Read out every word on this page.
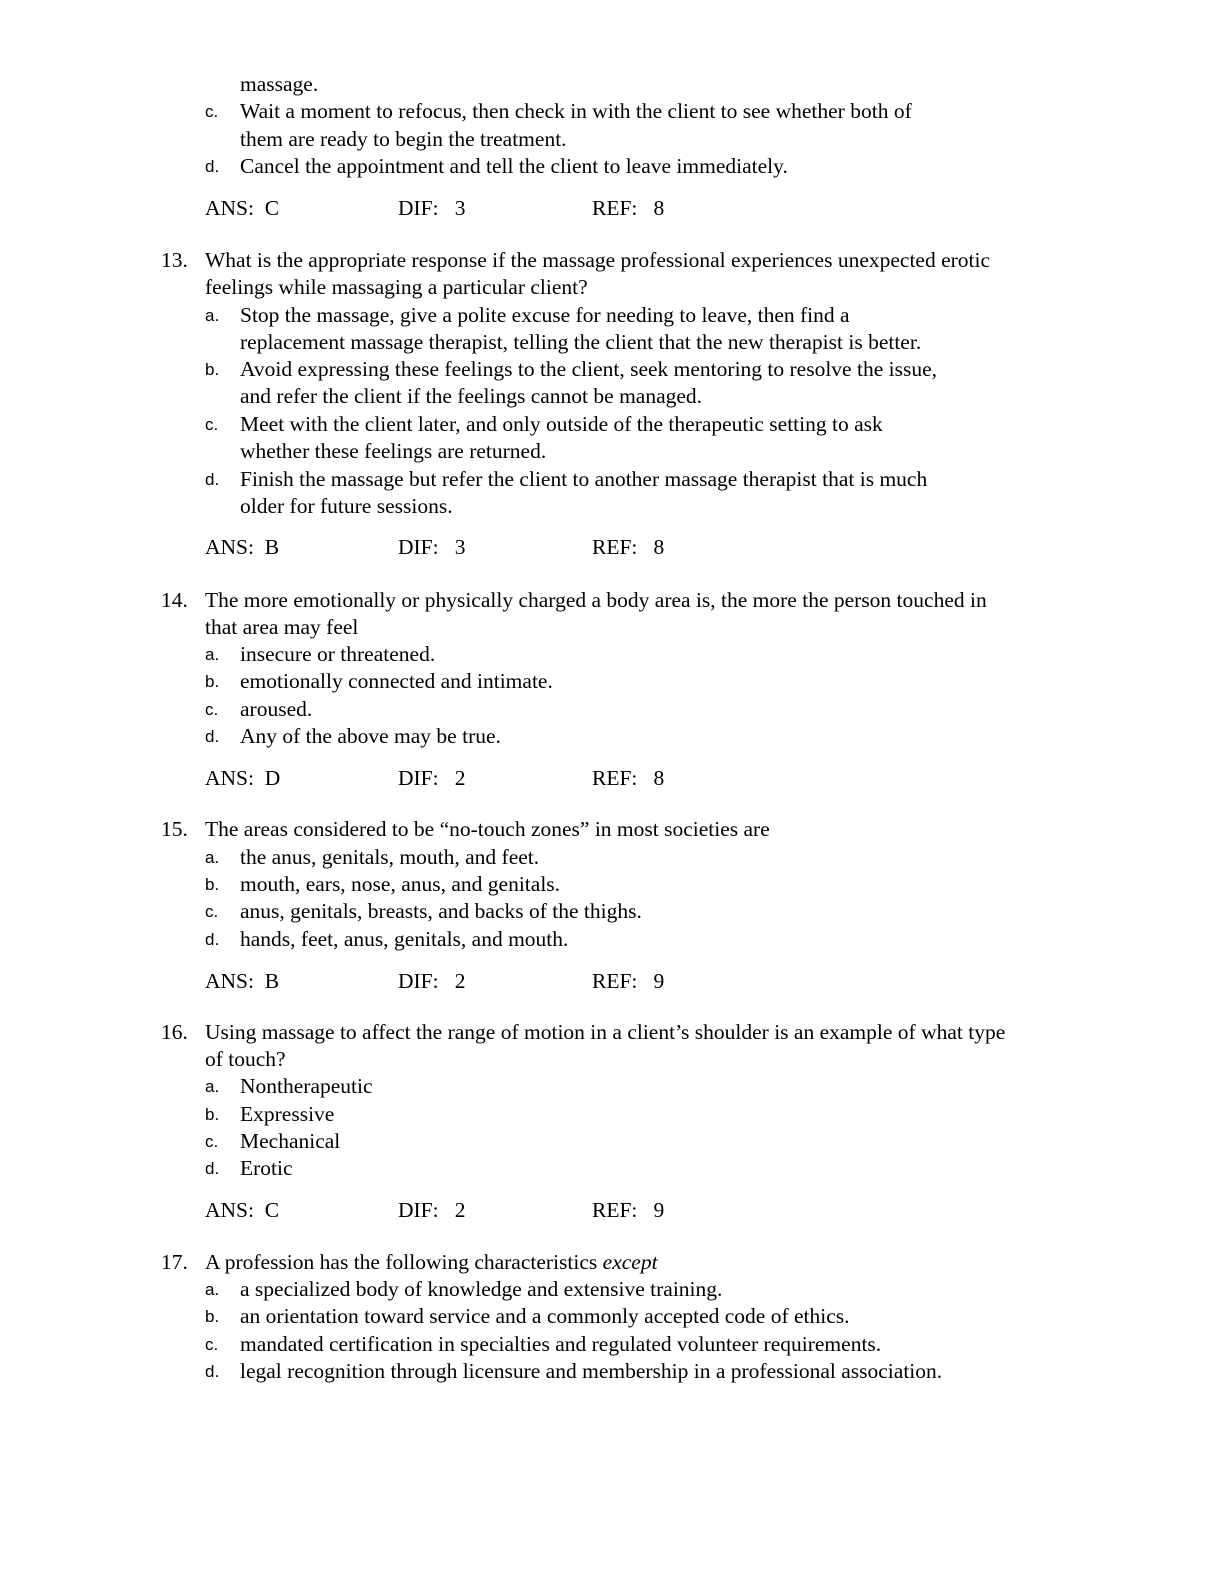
massage.
c.	Wait a moment to refocus, then check in with the client to see whether both of
them are ready to begin the treatment.
d. Cancel the appointment and tell the client to leave immediately.
ANS: C	DIF: 3	REF: 8
13. What is the appropriate response if the massage professional experiences unexpected erotic
feelings while massaging a particular client?
a. Stop the massage, give a polite excuse for needing to leave, then find a
replacement massage therapist, telling the client that the new therapist is better.
b. Avoid expressing these feelings to the client, seek mentoring to resolve the issue,
and refer the client if the feelings cannot be managed.
c.	Meet with the client later, and only outside of the therapeutic setting to ask
whether these feelings are returned.
d. Finish the massage but refer the client to another massage therapist that is much
older for future sessions.
ANS: B	DIF: 3	REF: 8
14. The more emotionally or physically charged a body area is, the more the person touched in
that area may feel
a. insecure or threatened.
b. emotionally connected and intimate.
c.	aroused.
d. Any of the above may be true.
ANS: D	DIF: 2	REF: 8
15. The areas considered to be “no-touch zones” in most societies are
a. the anus, genitals, mouth, and feet.
b. mouth, ears, nose, anus, and genitals.
c.	anus, genitals, breasts, and backs of the thighs.
d. hands, feet, anus, genitals, and mouth.
ANS: B	DIF: 2	REF: 9
16. Using massage to affect the range of motion in a client’s shoulder is an example of what type
of touch?
a. Nontherapeutic
b. Expressive
c.	Mechanical
d. Erotic
ANS: C	DIF: 2	REF: 9
17. A profession has the following characteristics except
a. a specialized body of knowledge and extensive training.
b. an orientation toward service and a commonly accepted code of ethics.
c.	mandated certification in specialties and regulated volunteer requirements.
d. legal recognition through licensure and membership in a professional association.
